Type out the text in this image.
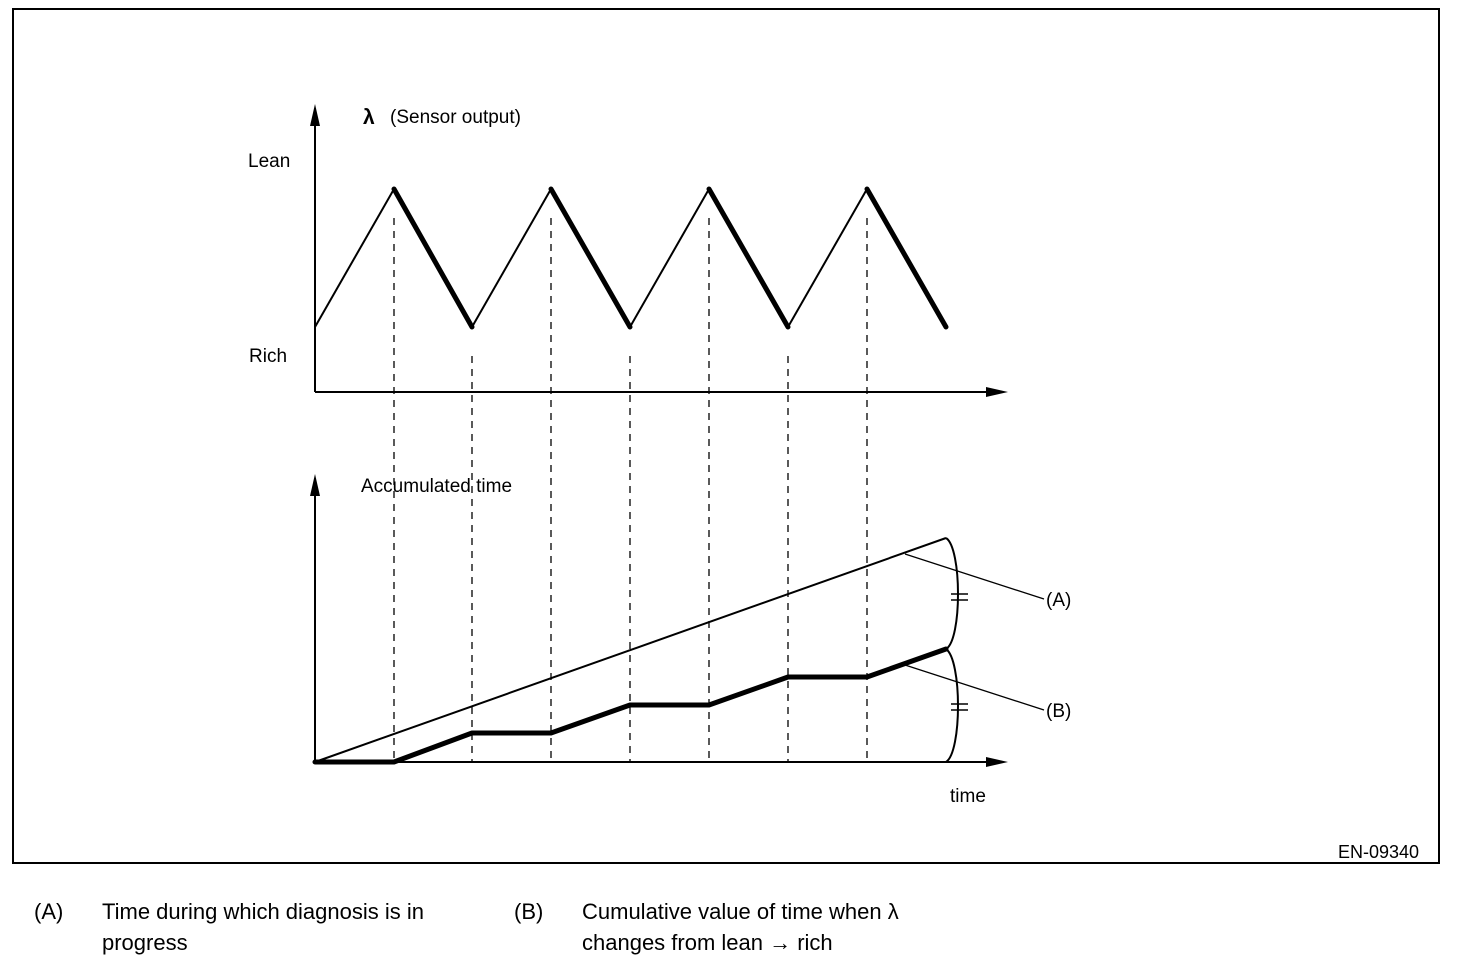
λ (Sensor output)
Lean
Rich
Accumulated time
time
(A)
(B)
EN-09340
(A) Time during which diagnosis is in
progress
(B) Cumulative value of time when λ
changes from lean → rich
